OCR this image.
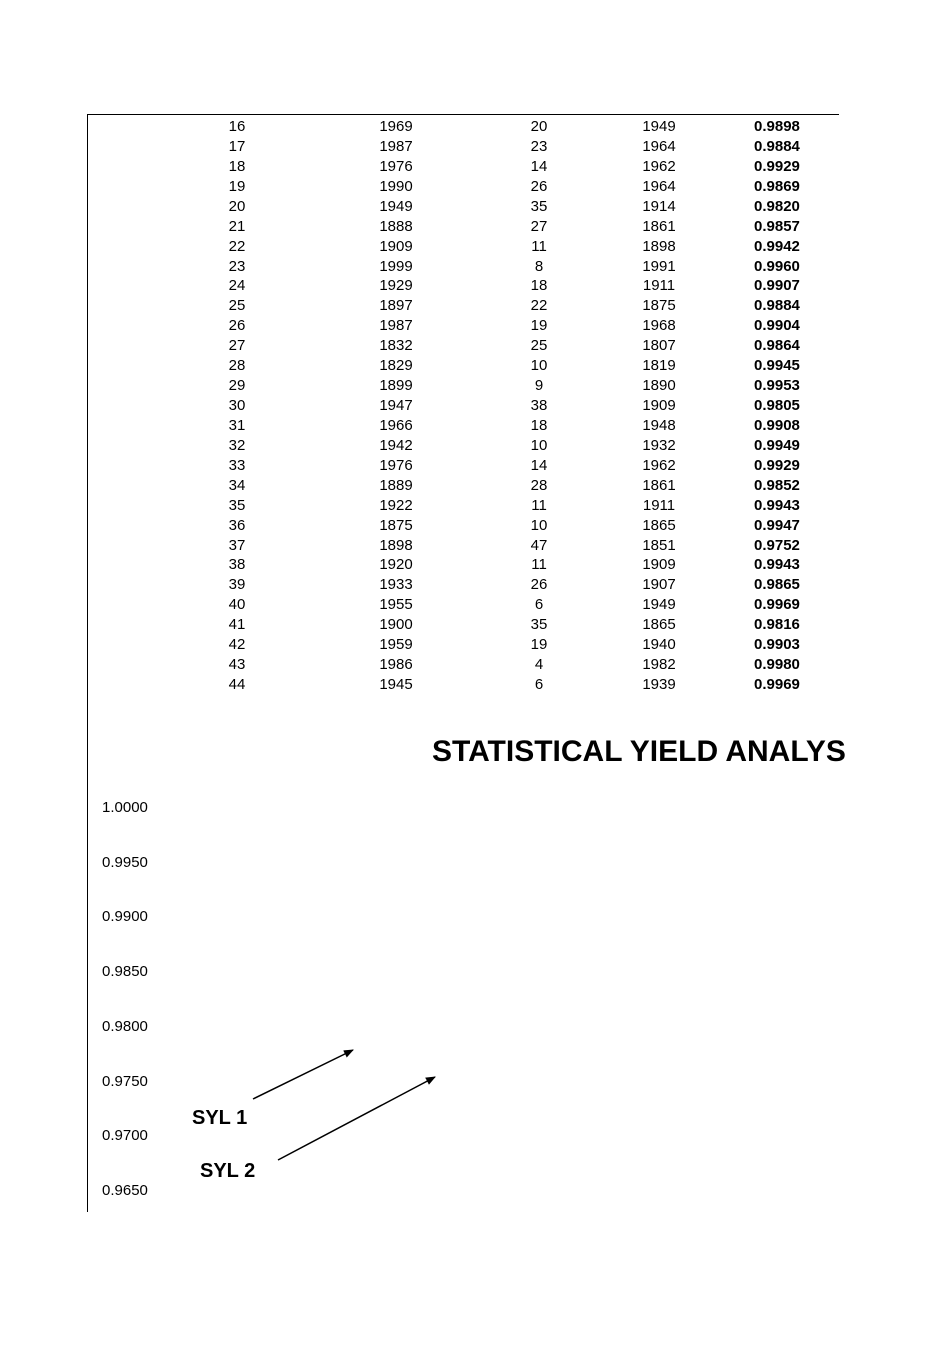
16	1969	20	1949	0.9898
17	1987	23	1964	0.9884
18	1976	14	1962	0.9929
19	1990	26	1964	0.9869
20	1949	35	1914	0.9820
21	1888	27	1861	0.9857
22	1909	11	1898	0.9942
23	1999	8	1991	0.9960
24	1929	18	1911	0.9907
25	1897	22	1875	0.9884
26	1987	19	1968	0.9904
27	1832	25	1807	0.9864
28	1829	10	1819	0.9945
29	1899	9	1890	0.9953
30	1947	38	1909	0.9805
31	1966	18	1948	0.9908
32	1942	10	1932	0.9949
33	1976	14	1962	0.9929
34	1889	28	1861	0.9852
35	1922	11	1911	0.9943
36	1875	10	1865	0.9947
37	1898	47	1851	0.9752
38	1920	11	1909	0.9943
39	1933	26	1907	0.9865
40	1955	6	1949	0.9969
41	1900	35	1865	0.9816
42	1959	19	1940	0.9903
43	1986	4	1982	0.9980
44	1945	6	1939	0.9969
STATISTICAL YIELD ANALYS
1.0000
0.9950
0.9900
0.9850
0.9800
0.9750
0.9700
0.9650
SYL 1
SYL 2
